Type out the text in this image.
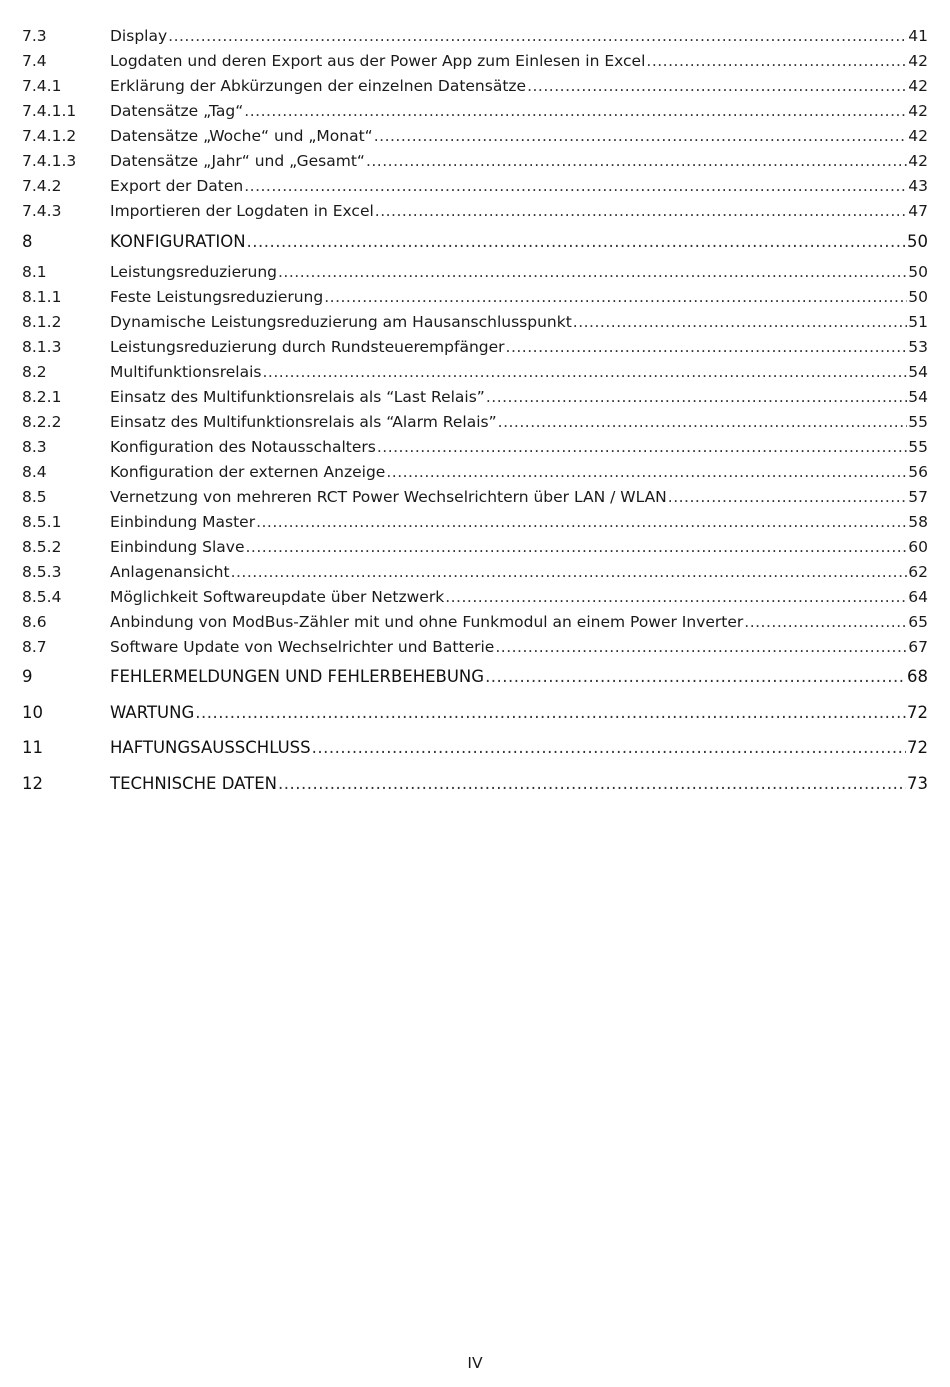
7.3	Display .....	41
7.4	Logdaten und deren Export aus der Power App zum Einlesen in Excel .....	42
7.4.1	Erklärung der Abkürzungen der einzelnen Datensätze .....	42
7.4.1.1	Datensätze „Tag“ .....	42
7.4.1.2	Datensätze „Woche“ und „Monat“ .....	42
7.4.1.3	Datensätze „Jahr“ und „Gesamt“ .....	42
7.4.2	Export der Daten .....	43
7.4.3	Importieren der Logdaten in Excel .....	47
8	KONFIGURATION .....	50
8.1	Leistungsreduzierung .....	50
8.1.1	Feste Leistungsreduzierung .....	50
8.1.2	Dynamische Leistungsreduzierung am Hausanschlusspunkt .....	51
8.1.3	Leistungsreduzierung durch Rundsteuerempfänger .....	53
8.2	Multifunktionsrelais .....	54
8.2.1	Einsatz des Multifunktionsrelais als “Last Relais” .....	54
8.2.2	Einsatz des Multifunktionsrelais als “Alarm Relais” .....	55
8.3	Konfiguration des Notausschalters .....	55
8.4	Konfiguration der externen Anzeige .....	56
8.5	Vernetzung von mehreren RCT Power Wechselrichtern über LAN / WLAN .....	57
8.5.1	Einbindung Master .....	58
8.5.2	Einbindung Slave .....	60
8.5.3	Anlagenansicht .....	62
8.5.4	Möglichkeit Softwareupdate über Netzwerk .....	64
8.6	Anbindung von ModBus-Zähler mit und ohne Funkmodul an einem Power Inverter .....	65
8.7	Software Update von Wechselrichter und Batterie .....	67
9	FEHLERMELDUNGEN UND FEHLERBEHEBUNG .....	68
10	WARTUNG .....	72
11	HAFTUNGSAUSSCHLUSS .....	72
12	TECHNISCHE DATEN .....	73
IV
